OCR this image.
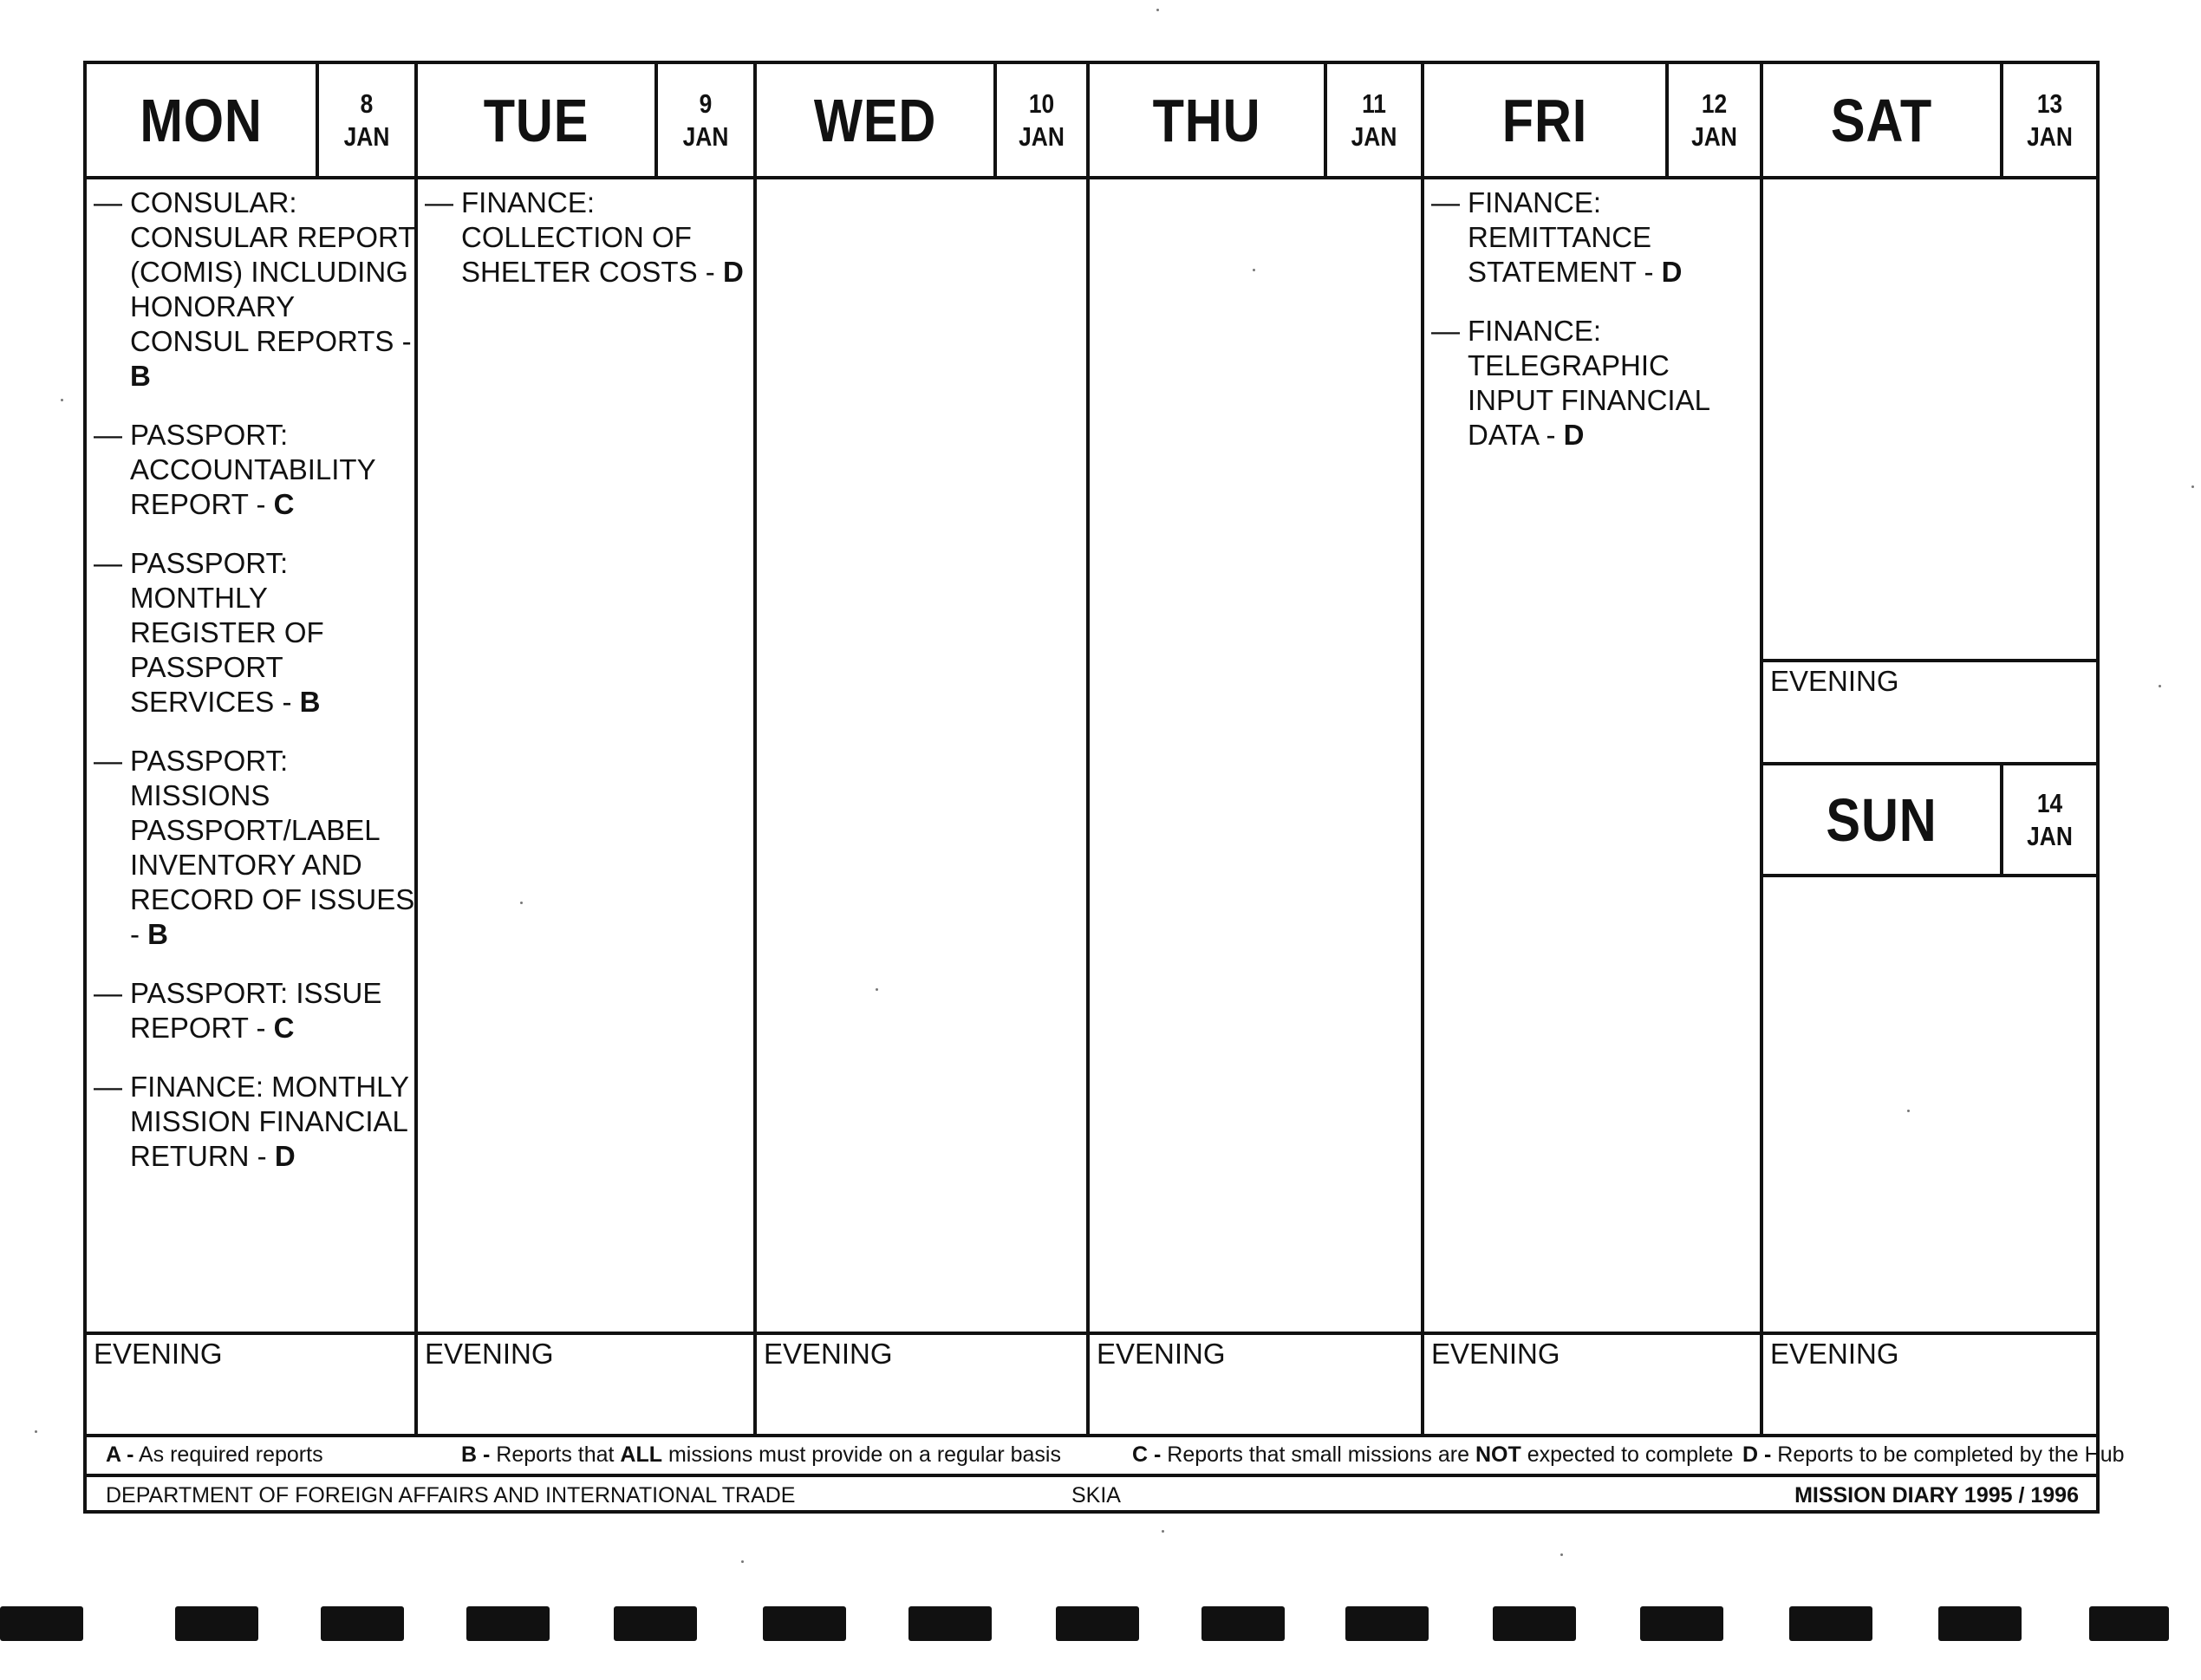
MON	8
JAN
— CONSULAR: CONSULAR REPORT (COMIS) INCLUDING HONORARY CONSUL REPORTS - B
— PASSPORT: ACCOUNTABILITY REPORT - C
— PASSPORT: MONTHLY REGISTER OF PASSPORT SERVICES - B
— PASSPORT: MISSIONS PASSPORT/LABEL INVENTORY AND RECORD OF ISSUES - B
— PASSPORT: ISSUE REPORT - C
— FINANCE: MONTHLY MISSION FINANCIAL RETURN - D
EVENING
TUE	9
JAN
— FINANCE: COLLECTION OF SHELTER COSTS - D
EVENING
WED	10
JAN
EVENING
THU	11
JAN
EVENING
FRI	12
JAN
— FINANCE: REMITTANCE STATEMENT - D
— FINANCE: TELEGRAPHIC INPUT FINANCIAL DATA - D
EVENING
SAT	13
JAN
EVENING
SUN	14
JAN
EVENING
A - As required reports	B - Reports that ALL missions must provide on a regular basis	C - Reports that small missions are NOT expected to complete D - Reports to be completed by the Hub
DEPARTMENT OF FOREIGN AFFAIRS AND INTERNATIONAL TRADE	SKIA	MISSION DIARY 1995 / 1996
